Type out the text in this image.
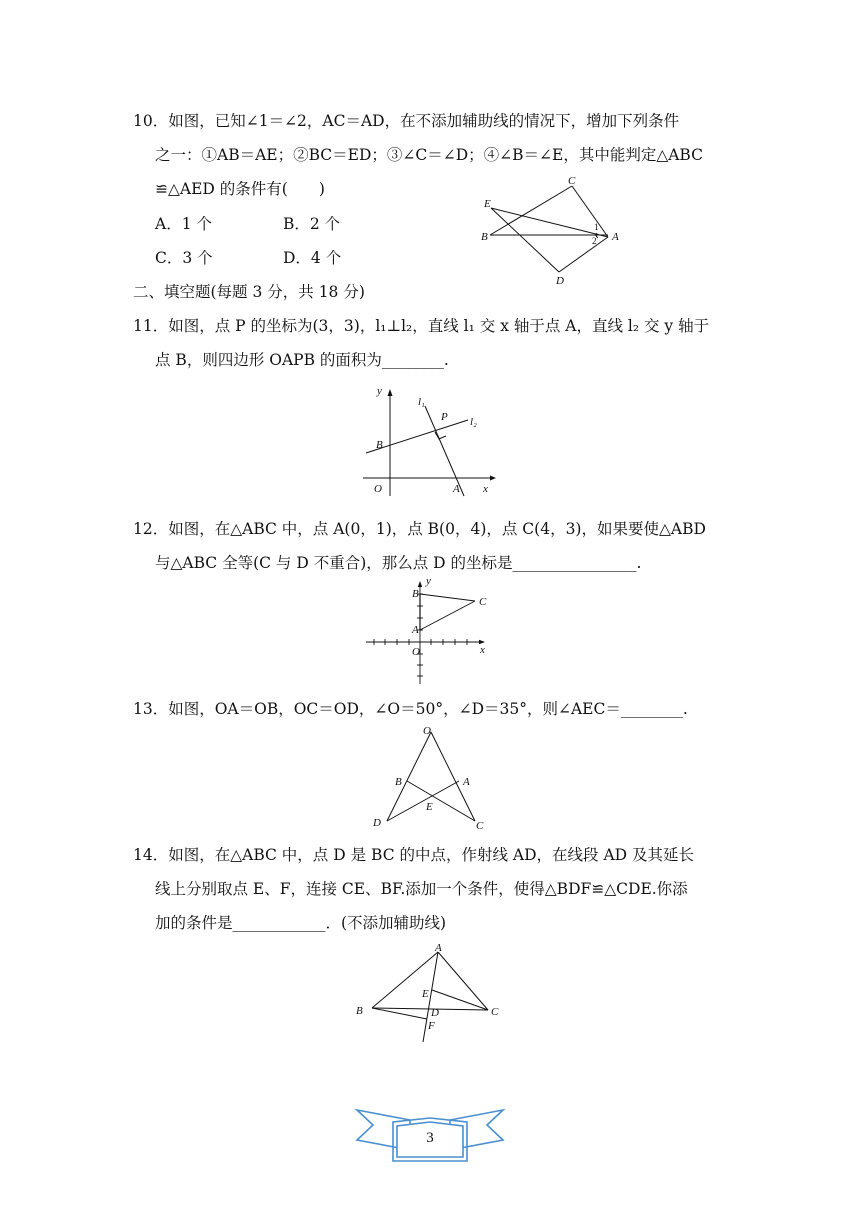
10．如图，已知∠1＝∠2，AC＝AD，在不添加辅助线的情况下，增加下列条件
之一：①AB＝AE；②BC＝ED；③∠C＝∠D；④∠B＝∠E，其中能判定△ABC
≌△AED 的条件有(　　)
A．1 个	B．2 个
C．3 个	D．4 个
C
E
B	A
D
1
2
二、填空题(每题 3 分，共 18 分)
11．如图，点 P 的坐标为(3，3)，l₁⊥l₂，直线 l₁ 交 x 轴于点 A，直线 l₂ 交 y 轴于
点 B，则四边形 OAPB 的面积为________.
y
x
O	A
B
P
l₁
l₂
12．如图，在△ABC 中，点 A(0，1)，点 B(0，4)，点 C(4，3)，如果要使△ABD
与△ABC 全等(C 与 D 不重合)，那么点 D 的坐标是________________.
y
x
O
A
B
C
13．如图，OA＝OB，OC＝OD，∠O＝50°，∠D＝35°，则∠AEC＝________.
O
B	A
E
D	C
14．如图，在△ABC 中，点 D 是 BC 的中点，作射线 AD，在线段 AD 及其延长
线上分别取点 E、F，连接 CE、BF.添加一个条件，使得△BDF≌△CDE.你添
加的条件是____________．(不添加辅助线)
A
B	C
E
D
F
3
